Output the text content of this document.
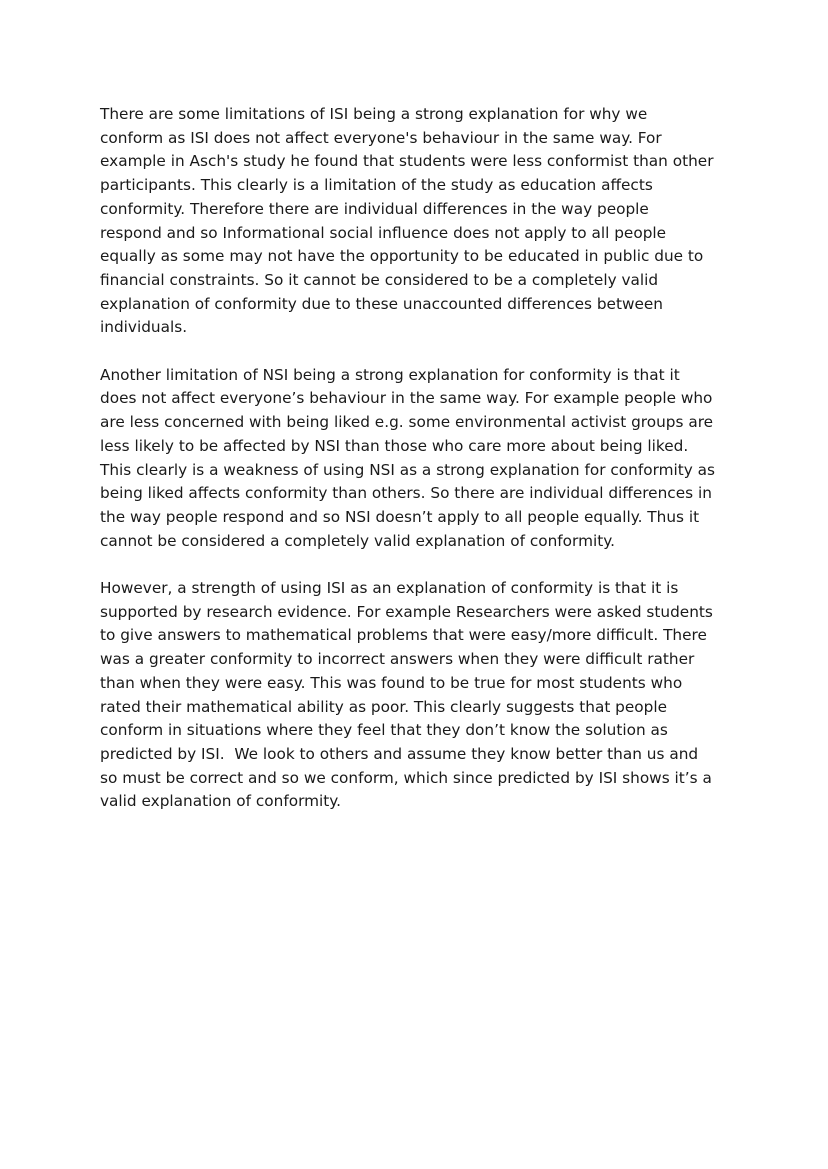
There are some limitations of ISI being a strong explanation for why we
conform as ISI does not affect everyone's behaviour in the same way. For
example in Asch's study he found that students were less conformist than other
participants. This clearly is a limitation of the study as education affects
conformity. Therefore there are individual differences in the way people
respond and so Informational social influence does not apply to all people
equally as some may not have the opportunity to be educated in public due to
financial constraints. So it cannot be considered to be a completely valid
explanation of conformity due to these unaccounted differences between
individuals.

Another limitation of NSI being a strong explanation for conformity is that it
does not affect everyone’s behaviour in the same way. For example people who
are less concerned with being liked e.g. some environmental activist groups are
less likely to be affected by NSI than those who care more about being liked.
This clearly is a weakness of using NSI as a strong explanation for conformity as
being liked affects conformity than others. So there are individual differences in
the way people respond and so NSI doesn’t apply to all people equally. Thus it
cannot be considered a completely valid explanation of conformity.

However, a strength of using ISI as an explanation of conformity is that it is
supported by research evidence. For example Researchers were asked students
to give answers to mathematical problems that were easy/more difficult. There
was a greater conformity to incorrect answers when they were difficult rather
than when they were easy. This was found to be true for most students who
rated their mathematical ability as poor. This clearly suggests that people
conform in situations where they feel that they don’t know the solution as
predicted by ISI.  We look to others and assume they know better than us and
so must be correct and so we conform, which since predicted by ISI shows it’s a
valid explanation of conformity.
